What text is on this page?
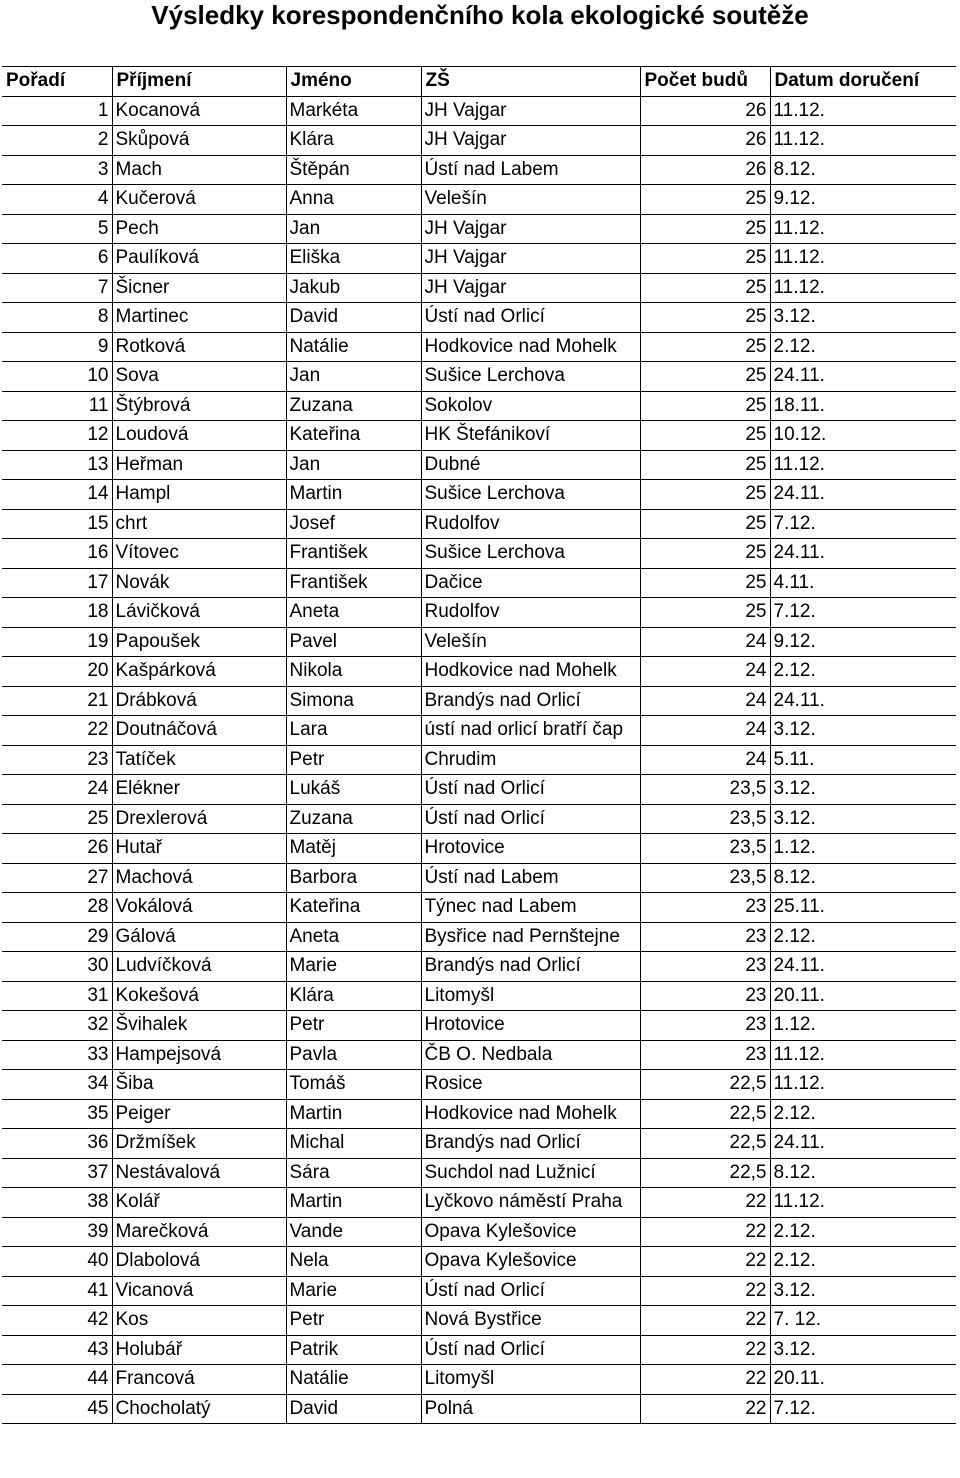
Výsledky korespondenčního kola ekologické soutěže
Pořadí	Příjmení	Jméno	ZŠ	Počet budů	Datum doručení
1	Kocanová	Markéta	JH Vajgar	26	11.12.
2	Skůpová	Klára	JH Vajgar	26	11.12.
3	Mach	Štěpán	Ústí nad Labem	26	8.12.
4	Kučerová	Anna	Velešín	25	9.12.
5	Pech	Jan	JH Vajgar	25	11.12.
6	Paulíková	Eliška	JH Vajgar	25	11.12.
7	Šicner	Jakub	JH Vajgar	25	11.12.
8	Martinec	David	Ústí nad Orlicí	25	3.12.
9	Rotková	Natálie	Hodkovice nad Mohelk	25	2.12.
10	Sova	Jan	Sušice Lerchova	25	24.11.
11	Štýbrová	Zuzana	Sokolov	25	18.11.
12	Loudová	Kateřina	HK Štefánikoví	25	10.12.
13	Heřman	Jan	Dubné	25	11.12.
14	Hampl	Martin	Sušice Lerchova	25	24.11.
15	chrt	Josef	Rudolfov	25	7.12.
16	Vítovec	František	Sušice Lerchova	25	24.11.
17	Novák	František	Dačice	25	4.11.
18	Lávičková	Aneta	Rudolfov	25	7.12.
19	Papoušek	Pavel	Velešín	24	9.12.
20	Kašpárková	Nikola	Hodkovice nad Mohelk	24	2.12.
21	Drábková	Simona	Brandýs nad Orlicí	24	24.11.
22	Doutnáčová	Lara	ústí nad orlicí bratří čap	24	3.12.
23	Tatíček	Petr	Chrudim	24	5.11.
24	Elékner	Lukáš	Ústí nad Orlicí	23,5	3.12.
25	Drexlerová	Zuzana	Ústí nad Orlicí	23,5	3.12.
26	Hutař	Matěj	Hrotovice	23,5	1.12.
27	Machová	Barbora	Ústí nad Labem	23,5	8.12.
28	Vokálová	Kateřina	Týnec nad Labem	23	25.11.
29	Gálová	Aneta	Bysřice nad Pernštejne	23	2.12.
30	Ludvíčková	Marie	Brandýs nad Orlicí	23	24.11.
31	Kokešová	Klára	Litomyšl	23	20.11.
32	Švihalek	Petr	Hrotovice	23	1.12.
33	Hampejsová	Pavla	ČB O. Nedbala	23	11.12.
34	Šiba	Tomáš	Rosice	22,5	11.12.
35	Peiger	Martin	Hodkovice nad Mohelk	22,5	2.12.
36	Držmíšek	Michal	Brandýs nad Orlicí	22,5	24.11.
37	Nestávalová	Sára	Suchdol nad Lužnicí	22,5	8.12.
38	Kolář	Martin	Lyčkovo náměstí Praha	22	11.12.
39	Marečková	Vande	Opava Kylešovice	22	2.12.
40	Dlabolová	Nela	Opava Kylešovice	22	2.12.
41	Vicanová	Marie	Ústí nad Orlicí	22	3.12.
42	Kos	Petr	Nová Bystřice	22	7. 12.
43	Holubář	Patrik	Ústí nad Orlicí	22	3.12.
44	Francová	Natálie	Litomyšl	22	20.11.
45	Chocholatý	David	Polná	22	7.12.
